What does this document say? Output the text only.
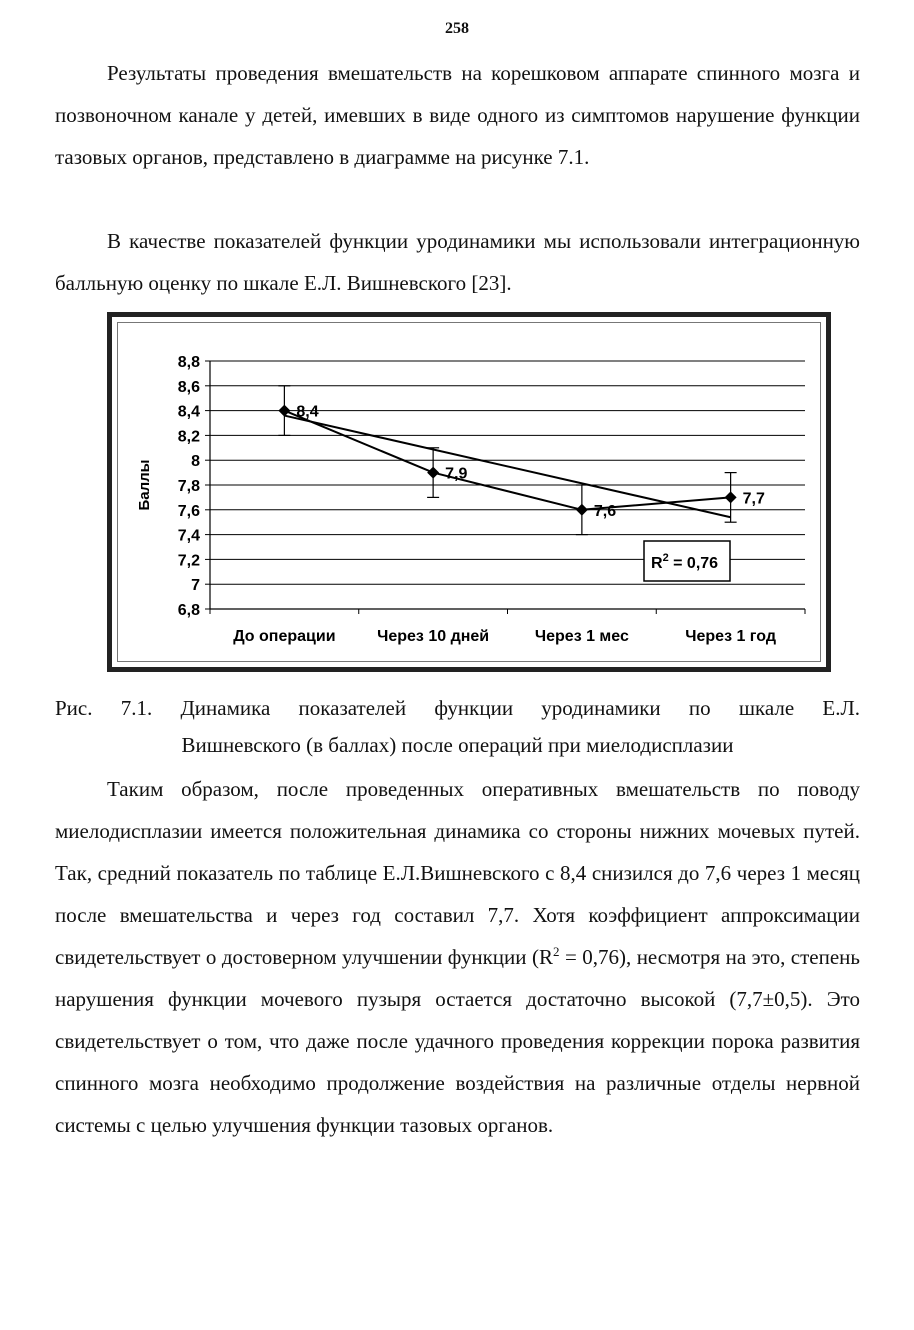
258

Результаты проведения вмешательств на корешковом аппарате спинного мозга и позвоночном канале у детей, имевших в виде одного из симптомов нарушение функции тазовых органов, представлено в диаграмме на рисунке 7.1.

В качестве показателей функции уродинамики мы использовали интеграционную балльную оценку по шкале Е.Л. Вишневского [23].

6,8
7
7,2
7,4
7,6
7,8
8
8,2
8,4
8,6
8,8
До операции	Через 10 дней	Через 1 мес	Через 1 год
Баллы
8,4
7,9
7,6
7,7
$R^2 = 0,76$

Рис. 7.1. Динамика показателей функции уродинамики по шкале Е.Л.

Вишневского (в баллах) после операций при миелодисплазии

Таким образом, после проведенных оперативных вмешательств по поводу миелодисплазии имеется положительная динамика со стороны нижних мочевых путей. Так, средний показатель по таблице Е.Л.Вишневского с 8,4 снизился до 7,6 через 1 месяц после вмешательства и через год составил 7,7. Хотя коэффициент аппроксимации свидетельствует о достоверном улучшении функции $(R^2 = 0,76)$, несмотря на это, степень нарушения функции мочевого пузыря остается достаточно высокой (7,7±0,5). Это свидетельствует о том, что даже после удачного проведения коррекции порока развития спинного мозга необходимо продолжение воздействия на различные отделы нервной системы с целью улучшения функции тазовых органов.
